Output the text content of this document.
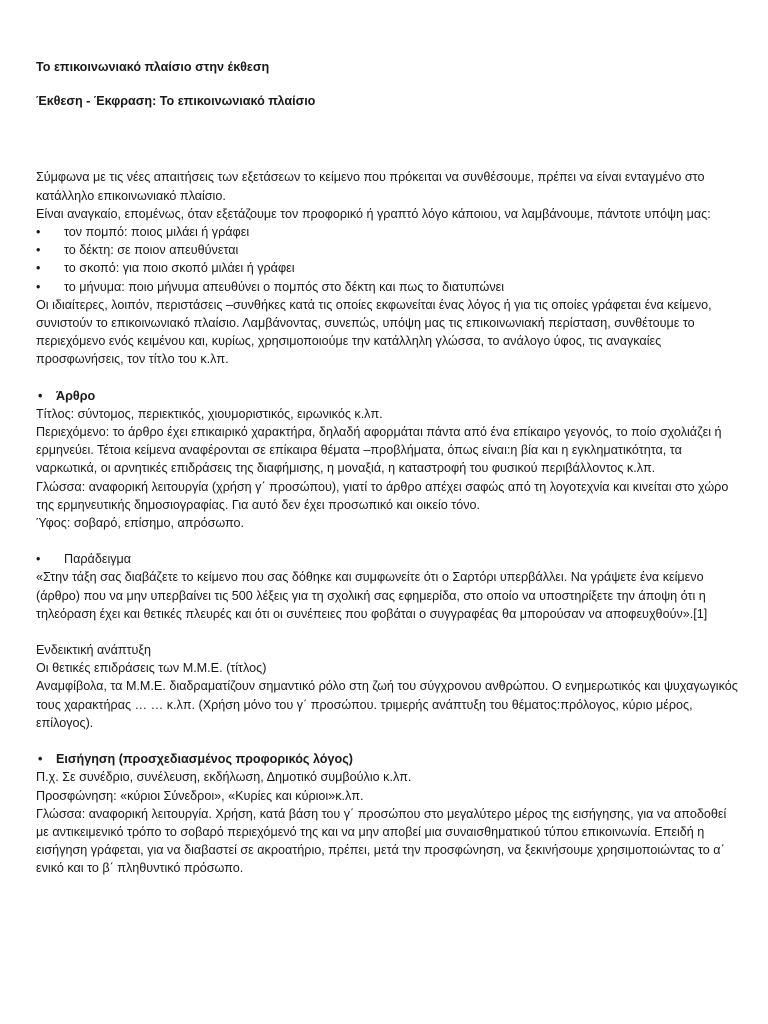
Το επικοινωνιακό πλαίσιο στην έκθεση

Έκθεση - Έκφραση: Το επικοινωνιακό πλαίσιο

Σύμφωνα με τις νέες απαιτήσεις των εξετάσεων το κείμενο που πρόκειται να συνθέσουμε, πρέπει να είναι ενταγμένο στο κατάλληλο επικοινωνιακό πλαίσιο.

Είναι αναγκαίο, επομένως, όταν εξετάζουμε τον προφορικό ή γραπτό λόγο κάποιου, να λαμβάνουμε, πάντοτε υπόψη μας:

• τον πομπό: ποιος μιλάει ή γράφει
• το δέκτη: σε ποιον απευθύνεται
• το σκοπό: για ποιο σκοπό μιλάει ή γράφει
• το μήνυμα: ποιο μήνυμα απευθύνει ο πομπός στο δέκτη και πως το διατυπώνει

Οι ιδιαίτερες, λοιπόν, περιστάσεις –συνθήκες κατά τις οποίες εκφωνείται ένας λόγος ή για τις οποίες γράφεται ένα κείμενο, συνιστούν το επικοινωνιακό πλαίσιο. Λαμβάνοντας, συνεπώς, υπόψη μας τις επικοινωνιακή περίσταση, συνθέτουμε το περιεχόμενο ενός κειμένου και, κυρίως, χρησιμοποιούμε την κατάλληλη γλώσσα, το ανάλογο ύφος, τις αναγκαίες προσφωνήσεις, τον τίτλο του κ.λπ.

• Άρθρο

Τίτλος: σύντομος, περιεκτικός, χιουμοριστικός, ειρωνικός κ.λπ.

Περιεχόμενο: το άρθρο έχει επικαιρικό χαρακτήρα, δηλαδή αφορμάται πάντα από ένα επίκαιρο γεγονός, το ποίο σχολιάζει ή ερμηνεύει. Τέτοια κείμενα αναφέρονται σε επίκαιρα θέματα –προβλήματα, όπως είναι:η βία και η εγκληματικότητα, τα ναρκωτικά, οι αρνητικές επιδράσεις της διαφήμισης, η μοναξιά, η καταστροφή του φυσικού περιβάλλοντος κ.λπ.

Γλώσσα: αναφορική λειτουργία (χρήση γ΄ προσώπου), γιατί το άρθρο απέχει σαφώς από τη λογοτεχνία και κινείται στο χώρο της ερμηνευτικής δημοσιογραφίας. Για αυτό δεν έχει προσωπικό και οικείο τόνο.

Ύφος: σοβαρό, επίσημο, απρόσωπο.

• Παράδειγμα

«Στην τάξη σας διαβάζετε το κείμενο που σας δόθηκε και συμφωνείτε ότι ο Σαρτόρι υπερβάλλει. Να γράψετε ένα κείμενο (άρθρο) που να μην υπερβαίνει τις 500 λέξεις για τη σχολική σας εφημερίδα, στο οποίο να υποστηρίξετε την άποψη ότι η τηλεόραση έχει και θετικές πλευρές και ότι οι συνέπειες που φοβάται ο συγγραφέας θα μπορούσαν να αποφευχθούν».[1]

Ενδεικτική ανάπτυξη

Οι θετικές επιδράσεις των Μ.Μ.Ε. (τίτλος)

Αναμφίβολα, τα Μ.Μ.Ε. διαδραματίζουν σημαντικό ρόλο στη ζωή του σύγχρονου ανθρώπου. Ο ενημερωτικός και ψυχαγωγικός τους χαρακτήρας … … κ.λπ. (Χρήση μόνο του γ΄ προσώπου. τριμερής ανάπτυξη του θέματος:πρόλογος, κύριο μέρος, επίλογος).

• Εισήγηση (προσχεδιασμένος προφορικός λόγος)

Π.χ. Σε συνέδριο, συνέλευση, εκδήλωση, Δημοτικό συμβούλιο κ.λπ.

Προσφώνηση: «κύριοι Σύνεδροι», «Κυρίες και κύριοι»κ.λπ.

Γλώσσα: αναφορική λειτουργία. Χρήση, κατά βάση του γ΄ προσώπου στο μεγαλύτερο μέρος της εισήγησης, για να αποδοθεί με αντικειμενικό τρόπο το σοβαρό περιεχόμενό της και να μην αποβεί μια συναισθηματικού τύπου επικοινωνία. Επειδή η εισήγηση γράφεται, για να διαβαστεί σε ακροατήριο, πρέπει, μετά την προσφώνηση, να ξεκινήσουμε χρησιμοποιώντας το α΄ ενικό και το β΄ πληθυντικό πρόσωπο.
